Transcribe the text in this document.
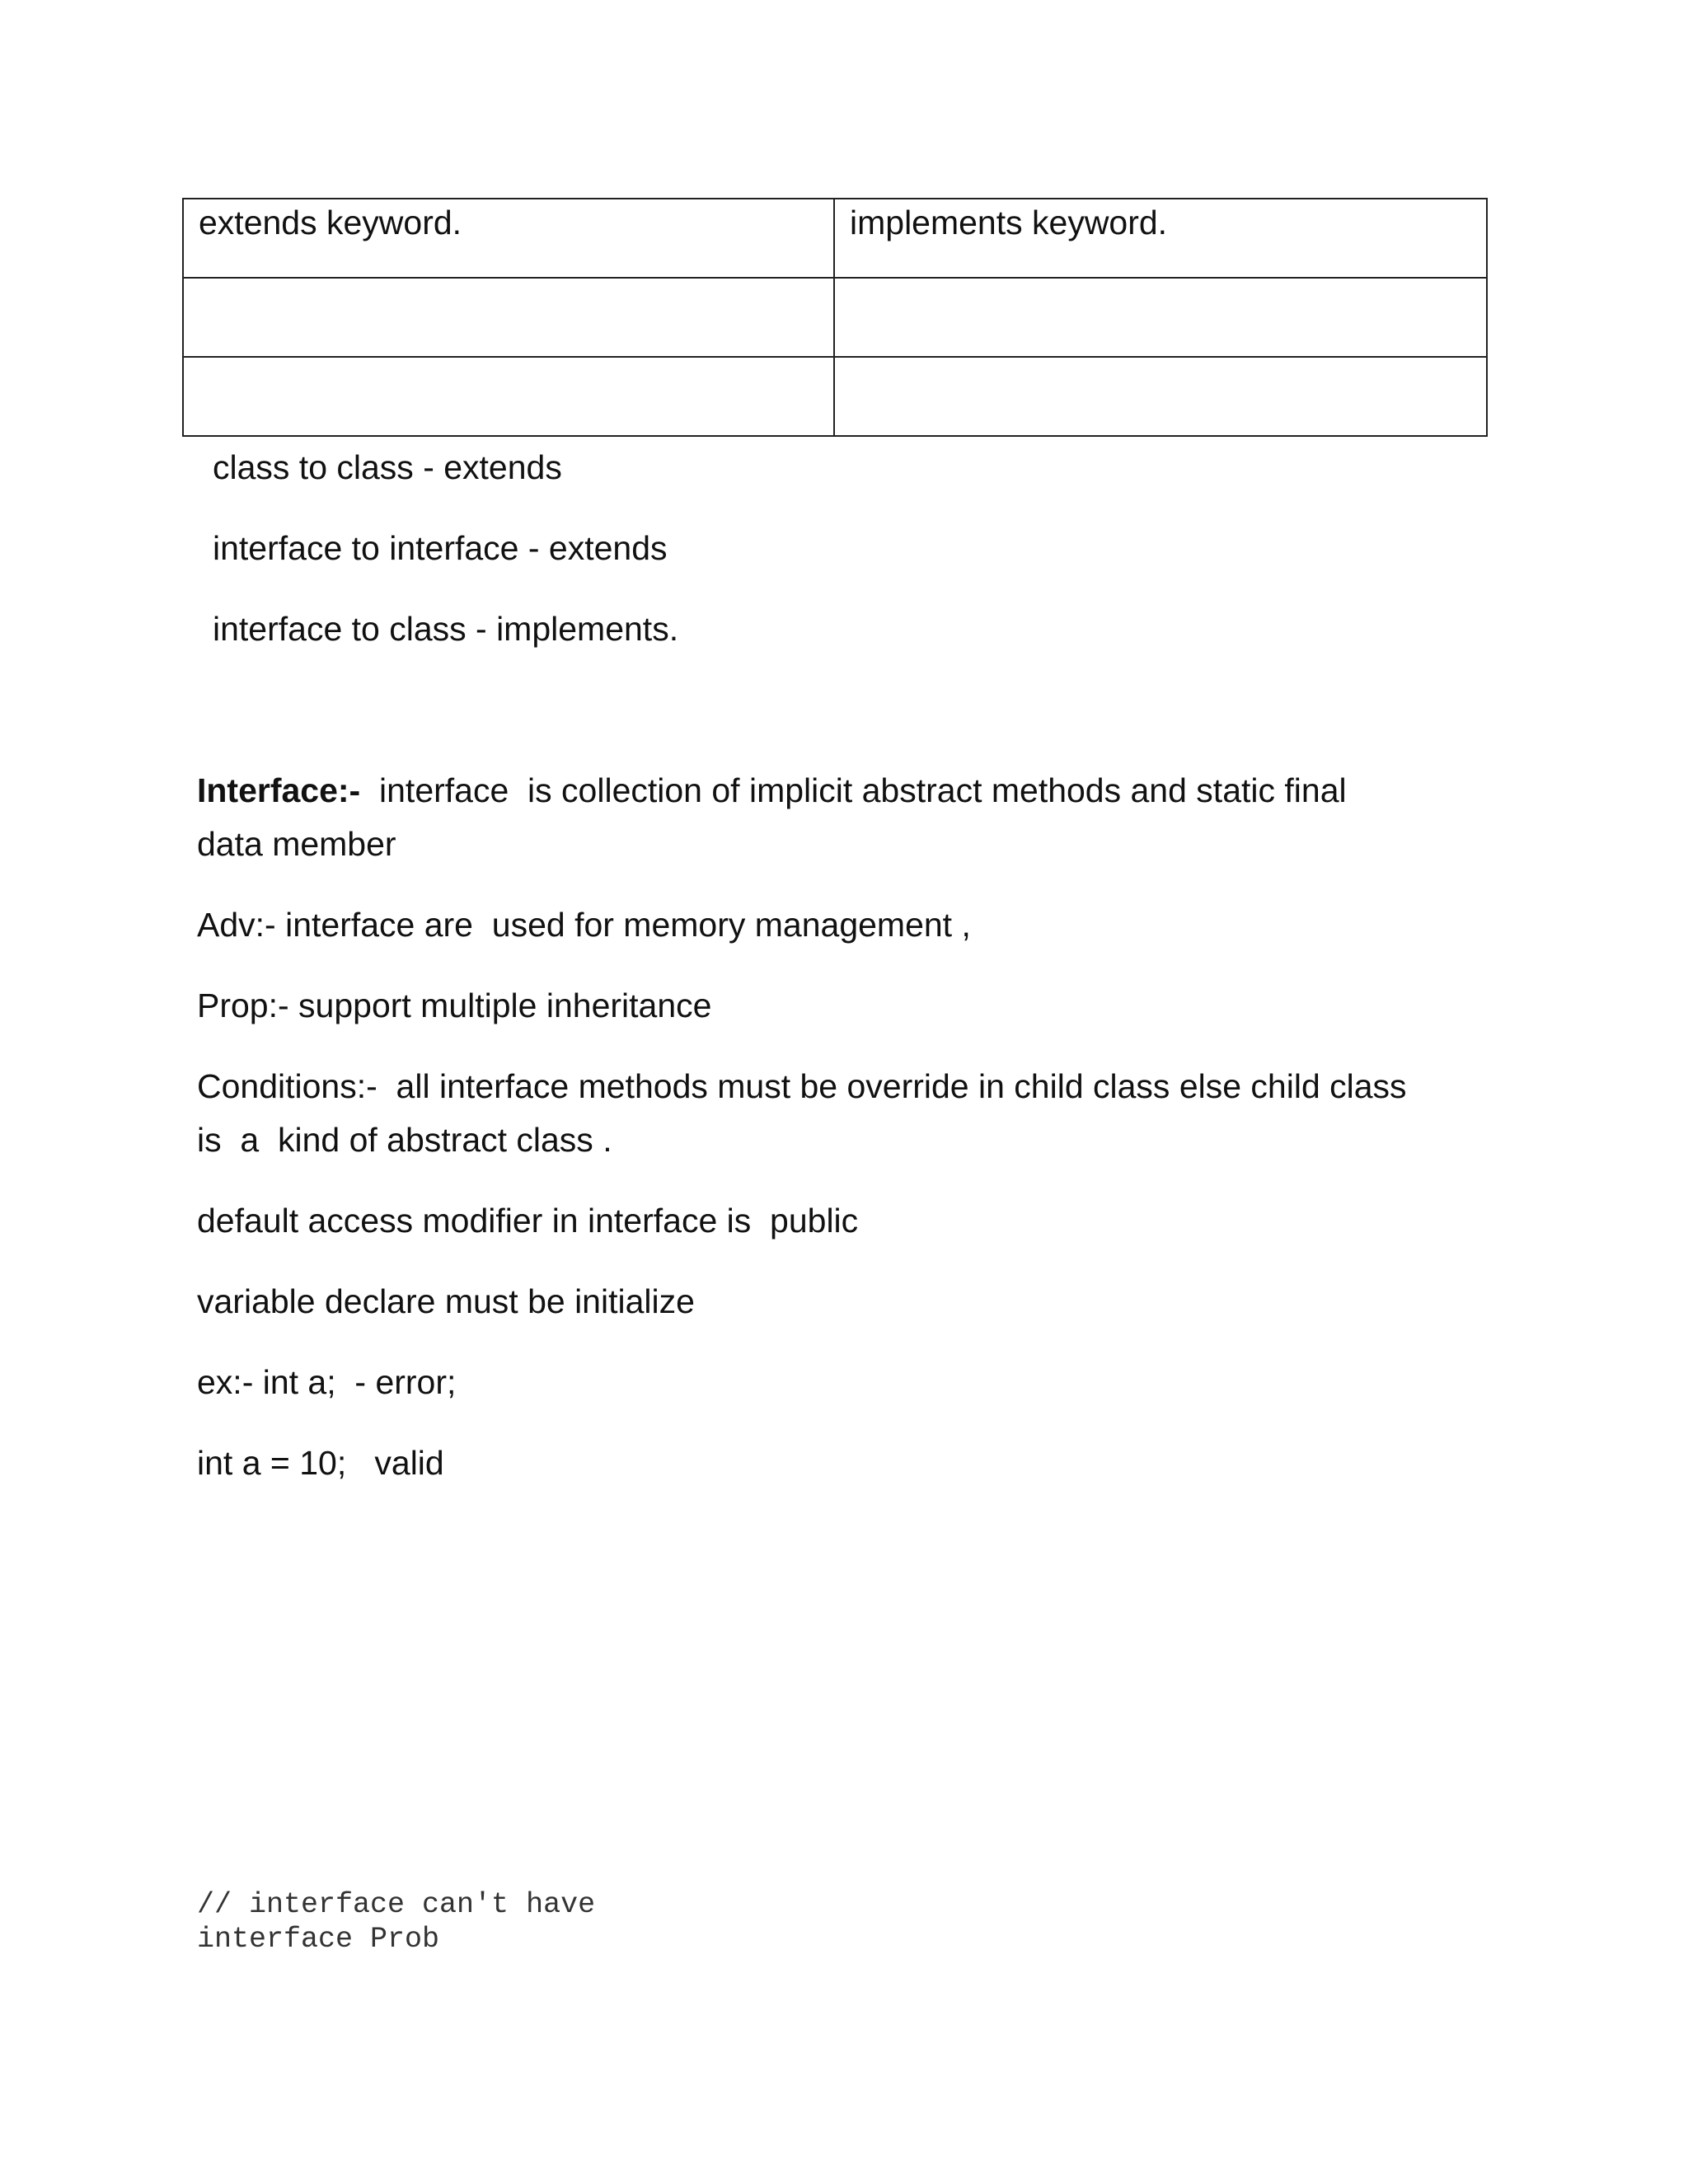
extends keyword.	implements keyword.

class to class - extends
interface to interface - extends
interface to class - implements.
Interface:- interface  is collection of implicit abstract methods and static final
data member
Adv:- interface are  used for memory management ,
Prop:- support multiple inheritance
Conditions:-  all interface methods must be override in child class else child class
is  a  kind of abstract class .
default access modifier in interface is  public
variable declare must be initialize
ex:- int a;  - error;
int a = 10;   valid
// interface can't have
interface Prob
